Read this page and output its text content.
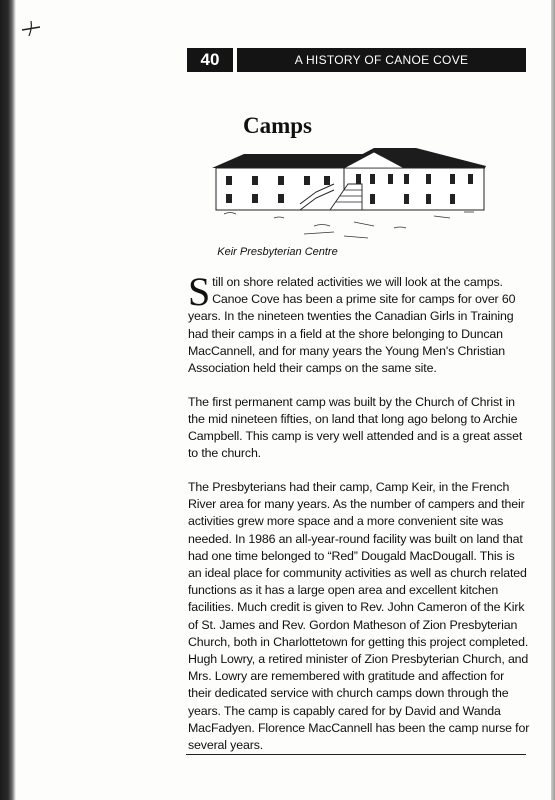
40	A HISTORY OF CANOE COVE
Camps
Keir Presbyterian Centre

Still on shore related activities we will look at the camps. Canoe Cove has been a prime site for camps for over 60 years. In the nineteen twenties the Canadian Girls in Training had their camps in a field at the shore belonging to Duncan MacCannell, and for many years the Young Men's Christian Association held their camps on the same site.

The first permanent camp was built by the Church of Christ in the mid nineteen fifties, on land that long ago belong to Archie Campbell. This camp is very well attended and is a great asset to the church.

The Presbyterians had their camp, Camp Keir, in the French River area for many years. As the number of campers and their activities grew more space and a more convenient site was needed. In 1986 an all-year-round facility was built on land that had one time belonged to “Red” Dougald MacDougall. This is an ideal place for community activities as well as church related functions as it has a large open area and excellent kitchen facilities. Much credit is given to Rev. John Cameron of the Kirk of St. James and Rev. Gordon Matheson of Zion Presbyterian Church, both in Charlottetown for getting this project completed. Hugh Lowry, a retired minister of Zion Presbyterian Church, and Mrs. Lowry are remembered with gratitude and affection for their dedicated service with church camps down through the years. The camp is capably cared for by David and Wanda MacFadyen. Florence MacCannell has been the camp nurse for several years.
